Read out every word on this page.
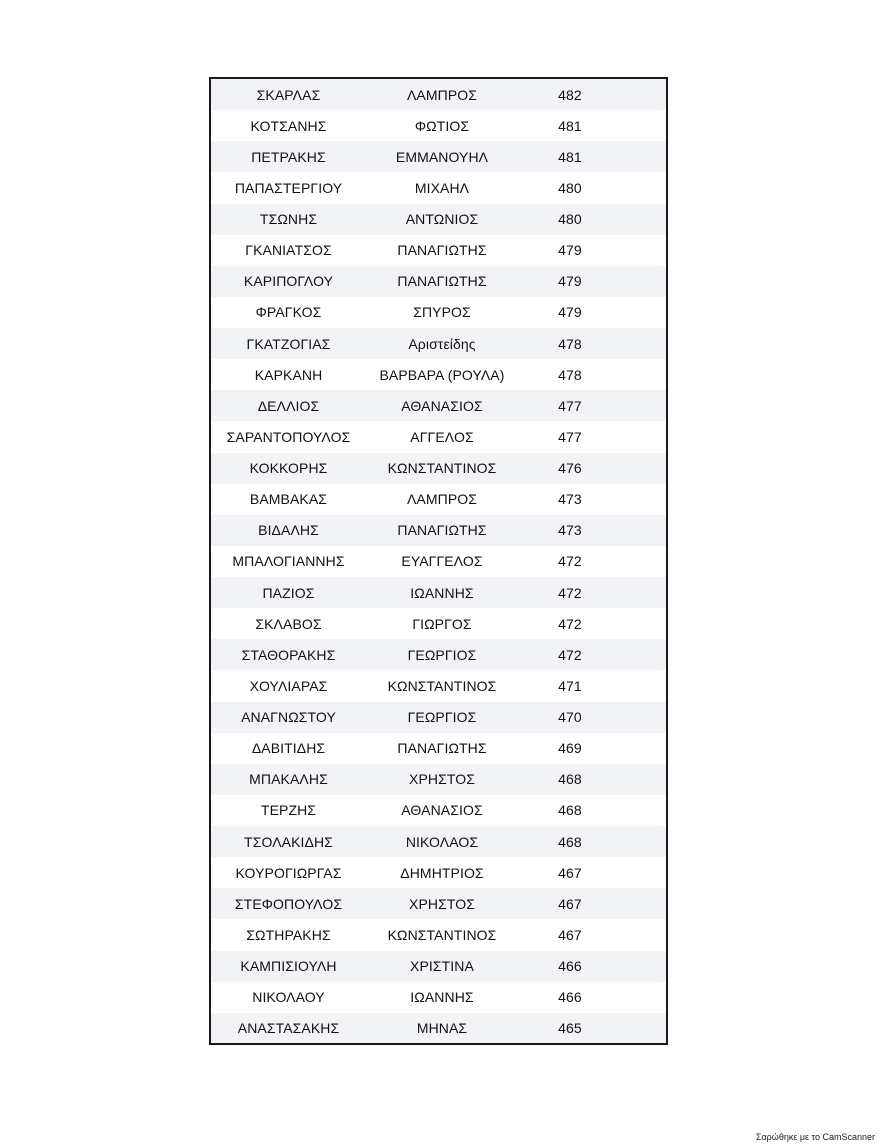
ΣΚΑΡΛΑΣ	ΛΑΜΠΡΟΣ	482
ΚΟΤΣΑΝΗΣ	ΦΩΤΙΟΣ	481
ΠΕΤΡΑΚΗΣ	ΕΜΜΑΝΟΥΗΛ	481
ΠΑΠΑΣΤΕΡΓΙΟΥ	ΜΙΧΑΗΛ	480
ΤΣΩΝΗΣ	ΑΝΤΩΝΙΟΣ	480
ΓΚΑΝΙΑΤΣΟΣ	ΠΑΝΑΓΙΩΤΗΣ	479
ΚΑΡΙΠΟΓΛΟΥ	ΠΑΝΑΓΙΩΤΗΣ	479
ΦΡΑΓΚΟΣ	ΣΠΥΡΟΣ	479
ΓΚΑΤΖΟΓΙΑΣ	Αριστείδης	478
ΚΑΡΚΑΝΗ	ΒΑΡΒΑΡΑ (ΡΟΥΛΑ)	478
ΔΕΛΛΙΟΣ	ΑΘΑΝΑΣΙΟΣ	477
ΣΑΡΑΝΤΟΠΟΥΛΟΣ	ΑΓΓΕΛΟΣ	477
ΚΟΚΚΟΡΗΣ	ΚΩΝΣΤΑΝΤΙΝΟΣ	476
ΒΑΜΒΑΚΑΣ	ΛΑΜΠΡΟΣ	473
ΒΙΔΑΛΗΣ	ΠΑΝΑΓΙΩΤΗΣ	473
ΜΠΑΛΟΓΙΑΝΝΗΣ	ΕΥΑΓΓΕΛΟΣ	472
ΠΑΖΙΟΣ	ΙΩΑΝΝΗΣ	472
ΣΚΛΑΒΟΣ	ΓΙΩΡΓΟΣ	472
ΣΤΑΘΟΡΑΚΗΣ	ΓΕΩΡΓΙΟΣ	472
ΧΟΥΛΙΑΡΑΣ	ΚΩΝΣΤΑΝΤΙΝΟΣ	471
ΑΝΑΓΝΩΣΤΟΥ	ΓΕΩΡΓΙΟΣ	470
ΔΑΒΙΤΙΔΗΣ	ΠΑΝΑΓΙΩΤΗΣ	469
ΜΠΑΚΑΛΗΣ	ΧΡΗΣΤΟΣ	468
ΤΕΡΖΗΣ	ΑΘΑΝΑΣΙΟΣ	468
ΤΣΟΛΑΚΙΔΗΣ	ΝΙΚΟΛΑΟΣ	468
ΚΟΥΡΟΓΙΩΡΓΑΣ	ΔΗΜΗΤΡΙΟΣ	467
ΣΤΕΦΟΠΟΥΛΟΣ	ΧΡΗΣΤΟΣ	467
ΣΩΤΗΡΑΚΗΣ	ΚΩΝΣΤΑΝΤΙΝΟΣ	467
ΚΑΜΠΙΣΙΟΥΛΗ	ΧΡΙΣΤΙΝΑ	466
ΝΙΚΟΛΑΟΥ	ΙΩΑΝΝΗΣ	466
ΑΝΑΣΤΑΣΑΚΗΣ	ΜΗΝΑΣ	465
Σαρώθηκε με το CamScanner
